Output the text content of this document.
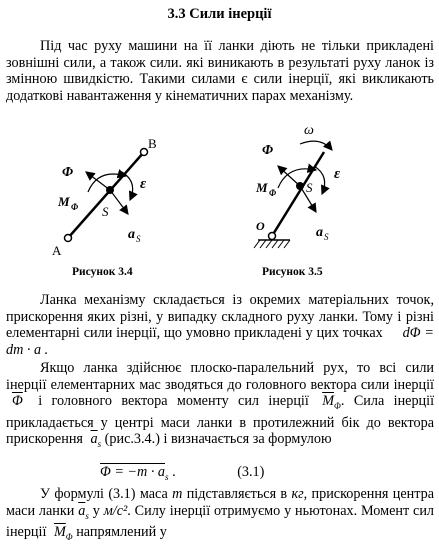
3.3 Сили інерції

Під час руху машини на її ланки діють не тільки прикладені зовнішні сили, а також сили. які виникають в результаті руху ланок із змінною швидкістю. Такими силами є сили інерції, які викликають додаткові навантаження у кінематичних парах механізму.

B
A
Φ
M Φ S
ε
a S
Рисунок 3.4
ω
Φ
M Φ S
ε
a S
O
Рисунок 3.5

Ланка механізму складається із окремих матеріальних точок, прискорення яких різні, у випадку складного руху ланки. Тому і різні елементарні сили інерції, що умовно прикладені у цих точках dΦ = dm · a .

Якщо ланка здійснює плоско-паралельний рух, то всі сили інерції елементарних мас зводяться до головного вектора сили інерції $\overline{\Phi}$ і головного вектора моменту сил інерції $\overline{M}_\Phi$. Сила інерції прикладається у центрі маси ланки в протилежний бік до вектора прискорення $\overline{a}_s$ (рис.3.4.) і визначається за формулою

$\Phi = -m \cdot a_s$ .	(3.1)

У формулі (3.1) маса m підставляється в кг, прискорення центра маси ланки $\overline{a}_s$ у м/с². Силу інерції отримуємо у ньютонах. Момент сил інерції $\overline{M}_\Phi$ напрямлений у
